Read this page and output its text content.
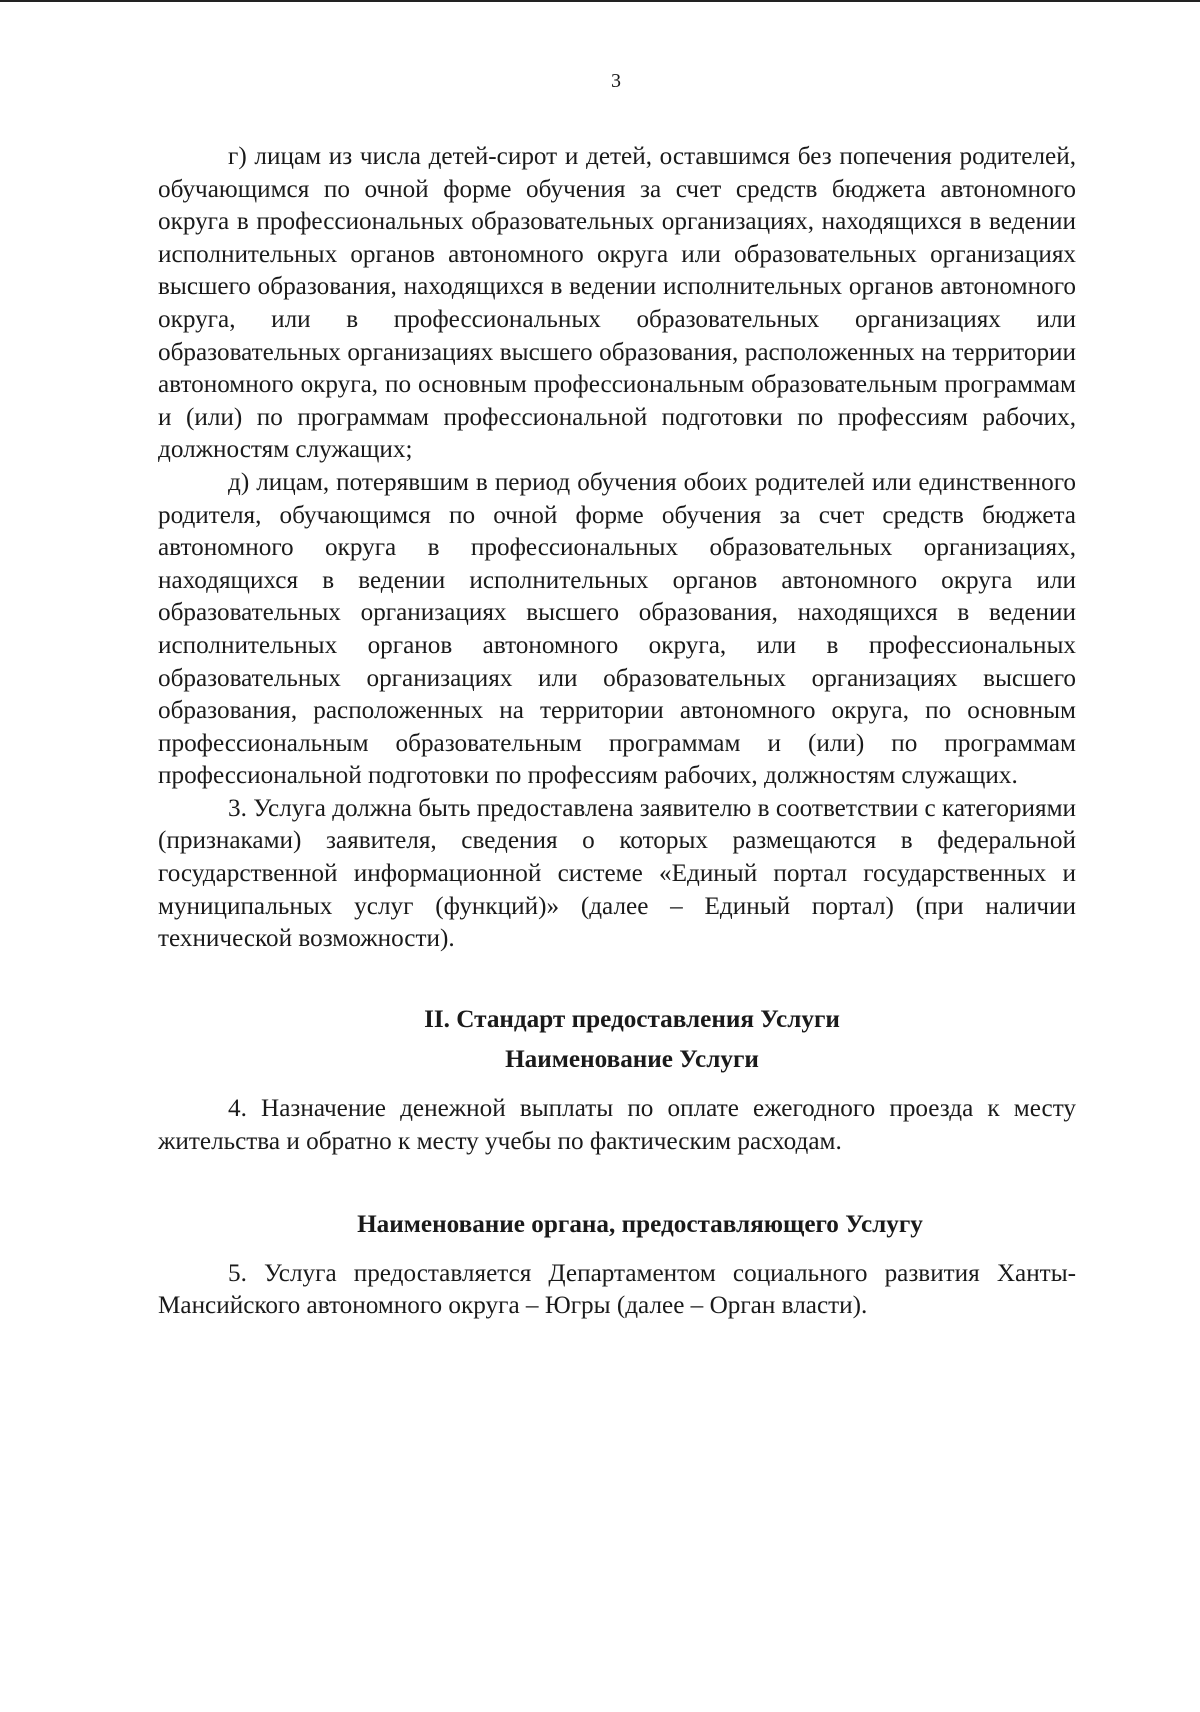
3

г) лицам из числа детей-сирот и детей, оставшимся без попечения родителей, обучающимся по очной форме обучения за счет средств бюджета автономного округа в профессиональных образовательных организациях, находящихся в ведении исполнительных органов автономного округа или образовательных организациях высшего образования, находящихся в ведении исполнительных органов автономного округа, или в профессиональных образовательных организациях или образовательных организациях высшего образования, расположенных на территории автономного округа, по основным профессиональным образовательным программам и (или) по программам профессиональной подготовки по профессиям рабочих, должностям служащих;

д) лицам, потерявшим в период обучения обоих родителей или единственного родителя, обучающимся по очной форме обучения за счет средств бюджета автономного округа в профессиональных образовательных организациях, находящихся в ведении исполнительных органов автономного округа или образовательных организациях высшего образования, находящихся в ведении исполнительных органов автономного округа, или в профессиональных образовательных организациях или образовательных организациях высшего образования, расположенных на территории автономного округа, по основным профессиональным образовательным программам и (или) по программам профессиональной подготовки по профессиям рабочих, должностям служащих.

3. Услуга должна быть предоставлена заявителю в соответствии с категориями (признаками) заявителя, сведения о которых размещаются в федеральной государственной информационной системе «Единый портал государственных и муниципальных услуг (функций)» (далее – Единый портал) (при наличии технической возможности).

II. Стандарт предоставления Услуги

Наименование Услуги

4. Назначение денежной выплаты по оплате ежегодного проезда к месту жительства и обратно к месту учебы по фактическим расходам.

Наименование органа, предоставляющего Услугу

5. Услуга предоставляется Департаментом социального развития Ханты-Мансийского автономного округа – Югры (далее – Орган власти).
